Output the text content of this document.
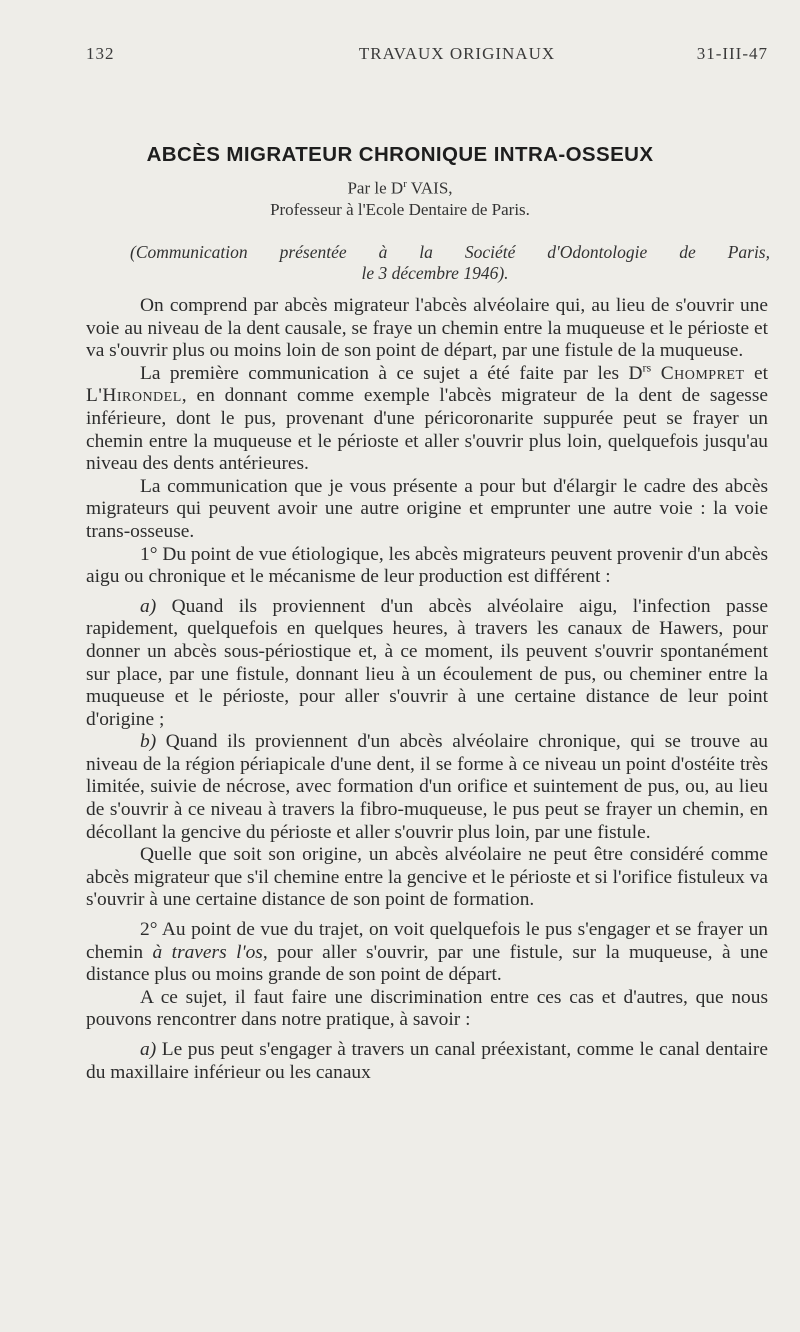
132	TRAVAUX ORIGINAUX	31-III-47
ABCÈS MIGRATEUR CHRONIQUE INTRA-OSSEUX
Par le $D^r$ VAIS,
Professeur à l'Ecole Dentaire de Paris.
(Communication présentée à la Société d'Odontologie de Paris,
le 3 décembre 1946).

On comprend par abcès migrateur l'abcès alvéolaire qui, au lieu de s'ouvrir une voie au niveau de la dent causale, se fraye un chemin entre la muqueuse et le périoste et va s'ouvrir plus ou moins loin de son point de départ, par une fistule de la muqueuse.

La première communication à ce sujet a été faite par les $D^{rs}$ Chompret et L'Hirondel, en donnant comme exemple l'abcès migrateur de la dent de sagesse inférieure, dont le pus, provenant d'une péricoronarite suppurée peut se frayer un chemin entre la muqueuse et le périoste et aller s'ouvrir plus loin, quelquefois jusqu'au niveau des dents antérieures.

La communication que je vous présente a pour but d'élargir le cadre des abcès migrateurs qui peuvent avoir une autre origine et emprunter une autre voie : la voie trans-osseuse.

1° Du point de vue étiologique, les abcès migrateurs peuvent provenir d'un abcès aigu ou chronique et le mécanisme de leur production est différent :

a) Quand ils proviennent d'un abcès alvéolaire aigu, l'infection passe rapidement, quelquefois en quelques heures, à travers les canaux de Hawers, pour donner un abcès sous-périostique et, à ce moment, ils peuvent s'ouvrir spontanément sur place, par une fistule, donnant lieu à un écoulement de pus, ou cheminer entre la muqueuse et le périoste, pour aller s'ouvrir à une certaine distance de leur point d'origine ;

b) Quand ils proviennent d'un abcès alvéolaire chronique, qui se trouve au niveau de la région périapicale d'une dent, il se forme à ce niveau un point d'ostéite très limitée, suivie de nécrose, avec formation d'un orifice et suintement de pus, ou, au lieu de s'ouvrir à ce niveau à travers la fibro-muqueuse, le pus peut se frayer un chemin, en décollant la gencive du périoste et aller s'ouvrir plus loin, par une fistule.

Quelle que soit son origine, un abcès alvéolaire ne peut être considéré comme abcès migrateur que s'il chemine entre la gencive et le périoste et si l'orifice fistuleux va s'ouvrir à une certaine distance de son point de formation.

2° Au point de vue du trajet, on voit quelquefois le pus s'engager et se frayer un chemin à travers l'os, pour aller s'ouvrir, par une fistule, sur la muqueuse, à une distance plus ou moins grande de son point de départ.

A ce sujet, il faut faire une discrimination entre ces cas et d'autres, que nous pouvons rencontrer dans notre pratique, à savoir :

a) Le pus peut s'engager à travers un canal préexistant, comme le canal dentaire du maxillaire inférieur ou les canaux
